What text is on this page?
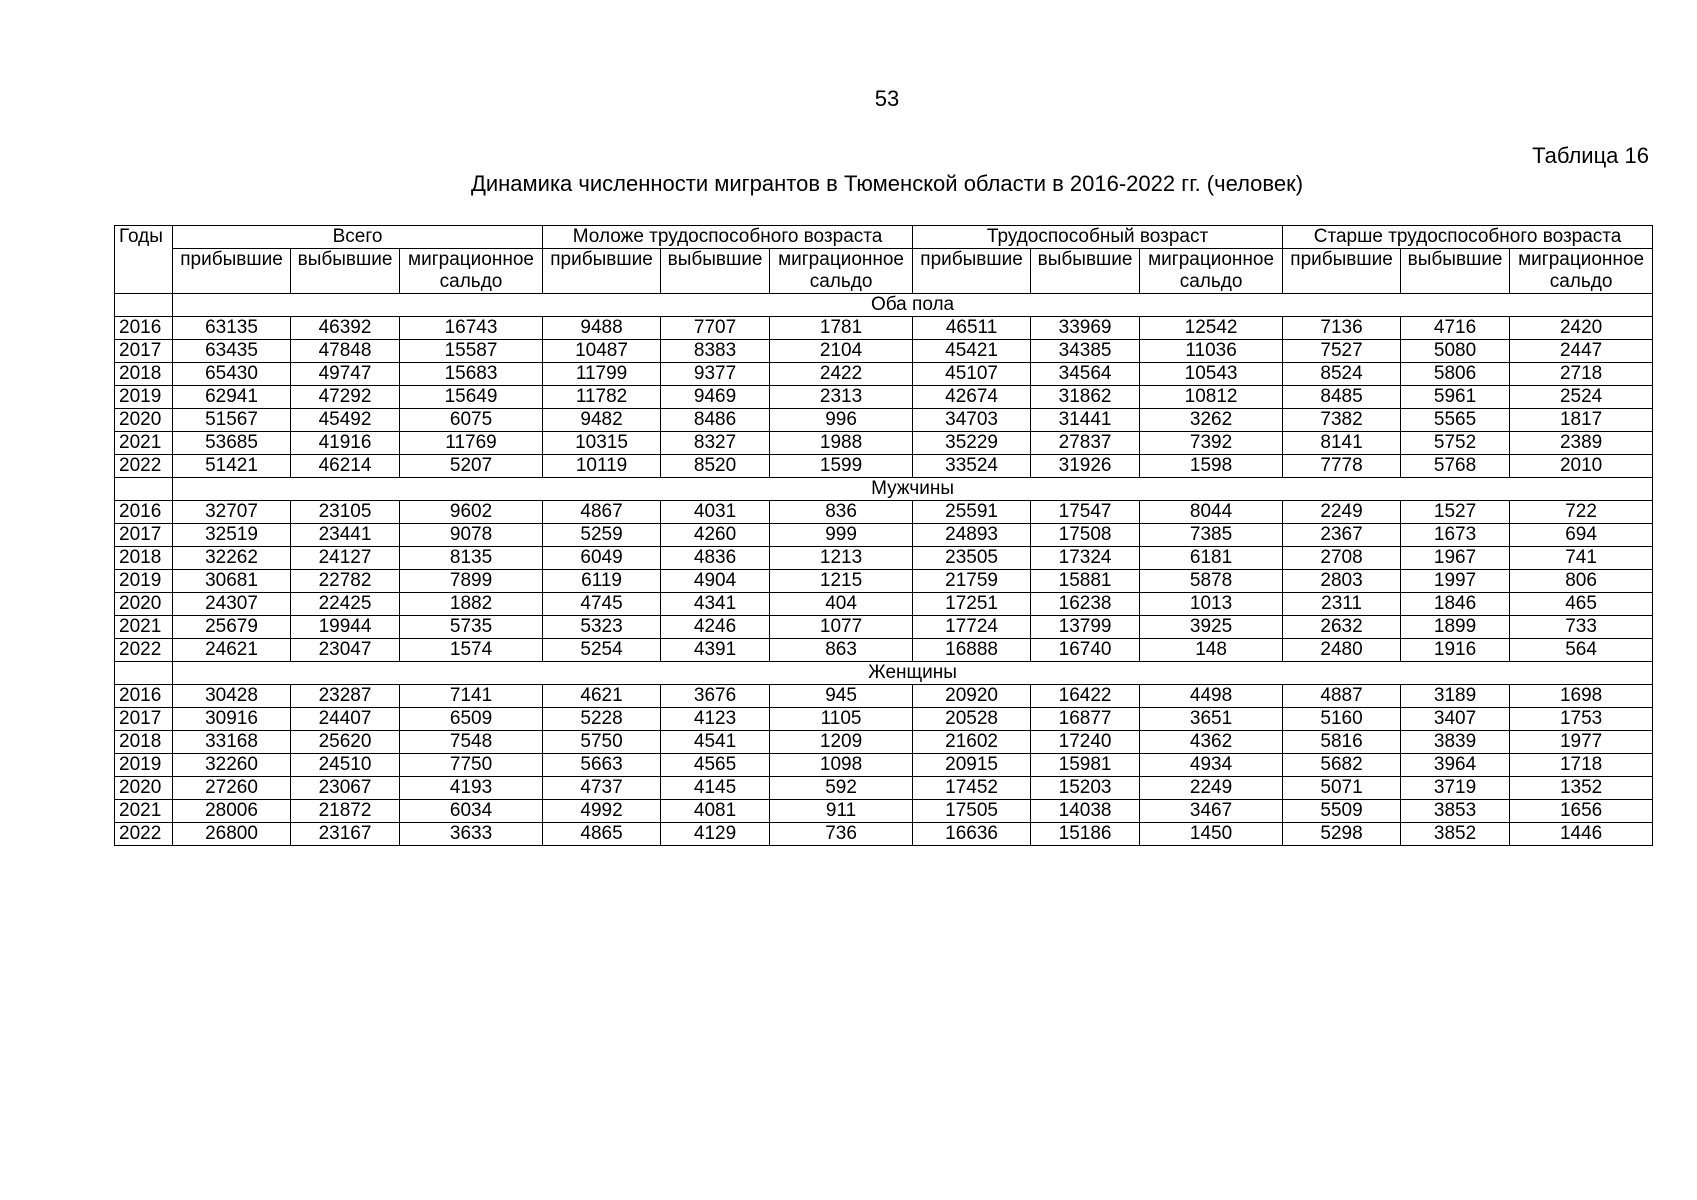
53
Таблица 16
Динамика численности мигрантов в Тюменской области в 2016-2022 гг. (человек)
Годы	Всего			Моложе трудоспособного возраста			Трудоспособный возраст			Старше трудоспособного возраста		
	прибывшие	выбывшие	миграционное сальдо	прибывшие	выбывшие	миграционное сальдо	прибывшие	выбывшие	миграционное сальдо	прибывшие	выбывшие	миграционное сальдо
	Оба пола											
2016	63135	46392	16743	9488	7707	1781	46511	33969	12542	7136	4716	2420
2017	63435	47848	15587	10487	8383	2104	45421	34385	11036	7527	5080	2447
2018	65430	49747	15683	11799	9377	2422	45107	34564	10543	8524	5806	2718
2019	62941	47292	15649	11782	9469	2313	42674	31862	10812	8485	5961	2524
2020	51567	45492	6075	9482	8486	996	34703	31441	3262	7382	5565	1817
2021	53685	41916	11769	10315	8327	1988	35229	27837	7392	8141	5752	2389
2022	51421	46214	5207	10119	8520	1599	33524	31926	1598	7778	5768	2010
	Мужчины											
2016	32707	23105	9602	4867	4031	836	25591	17547	8044	2249	1527	722
2017	32519	23441	9078	5259	4260	999	24893	17508	7385	2367	1673	694
2018	32262	24127	8135	6049	4836	1213	23505	17324	6181	2708	1967	741
2019	30681	22782	7899	6119	4904	1215	21759	15881	5878	2803	1997	806
2020	24307	22425	1882	4745	4341	404	17251	16238	1013	2311	1846	465
2021	25679	19944	5735	5323	4246	1077	17724	13799	3925	2632	1899	733
2022	24621	23047	1574	5254	4391	863	16888	16740	148	2480	1916	564
	Женщины											
2016	30428	23287	7141	4621	3676	945	20920	16422	4498	4887	3189	1698
2017	30916	24407	6509	5228	4123	1105	20528	16877	3651	5160	3407	1753
2018	33168	25620	7548	5750	4541	1209	21602	17240	4362	5816	3839	1977
2019	32260	24510	7750	5663	4565	1098	20915	15981	4934	5682	3964	1718
2020	27260	23067	4193	4737	4145	592	17452	15203	2249	5071	3719	1352
2021	28006	21872	6034	4992	4081	911	17505	14038	3467	5509	3853	1656
2022	26800	23167	3633	4865	4129	736	16636	15186	1450	5298	3852	1446
